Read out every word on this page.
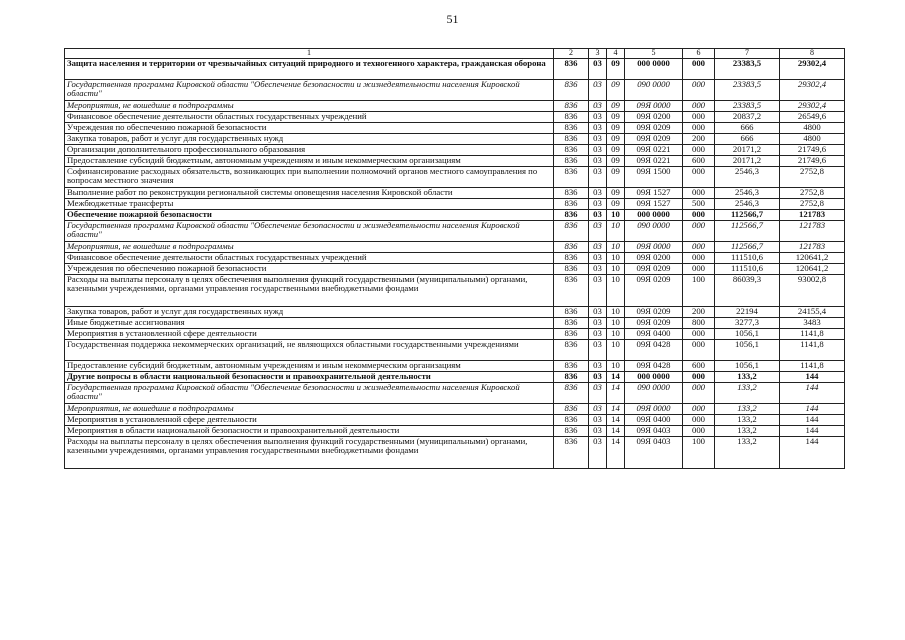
51
1	2	3	4	5	6	7	8
Защита населения и территории от чрезвычайных ситуаций природного и техногенного характера, гражданская оборона	836	03	09	000 0000	000	23383,5	29302,4
Государственная программа Кировской области "Обеспечение безопасности и жизнедеятельности населения Кировской области"	836	03	09	090 0000	000	23383,5	29302,4
Мероприятия, не вошедшие в подпрограммы	836	03	09	09Я 0000	000	23383,5	29302,4
Финансовое обеспечение деятельности областных государственных учреждений	836	03	09	09Я 0200	000	20837,2	26549,6
Учреждения по обеспечению пожарной безопасности	836	03	09	09Я 0209	000	666	4800
Закупка товаров, работ и услуг для государственных нужд	836	03	09	09Я 0209	200	666	4800
Организации дополнительного профессионального образования	836	03	09	09Я 0221	000	20171,2	21749,6
Предоставление субсидий бюджетным, автономным учреждениям и иным некоммерческим организациям	836	03	09	09Я 0221	600	20171,2	21749,6
Софинансирование расходных обязательств, возникающих при выполнении полномочий органов местного самоуправления по вопросам местного значения	836	03	09	09Я 1500	000	2546,3	2752,8
Выполнение работ по реконструкции региональной системы оповещения населения Кировской области	836	03	09	09Я 1527	000	2546,3	2752,8
Межбюджетные трансферты	836	03	09	09Я 1527	500	2546,3	2752,8
Обеспечение пожарной безопасности	836	03	10	000 0000	000	112566,7	121783
Государственная программа Кировской области "Обеспечение безопасности и жизнедеятельности населения Кировской области"	836	03	10	090 0000	000	112566,7	121783
Мероприятия, не вошедшие в подпрограммы	836	03	10	09Я 0000	000	112566,7	121783
Финансовое обеспечение деятельности областных государственных учреждений	836	03	10	09Я 0200	000	111510,6	120641,2
Учреждения по обеспечению пожарной безопасности	836	03	10	09Я 0209	000	111510,6	120641,2
Расходы на выплаты персоналу в целях обеспечения выполнения функций государственными (муниципальными) органами, казенными учреждениями, органами управления государственными внебюджетными фондами	836	03	10	09Я 0209	100	86039,3	93002,8
Закупка товаров, работ и услуг для государственных нужд	836	03	10	09Я 0209	200	22194	24155,4
Иные бюджетные ассигнования	836	03	10	09Я 0209	800	3277,3	3483
Мероприятия в установленной сфере деятельности	836	03	10	09Я 0400	000	1056,1	1141,8
Государственная поддержка некоммерческих организаций, не являющихся областными государственными учреждениями	836	03	10	09Я 0428	000	1056,1	1141,8
Предоставление субсидий бюджетным, автономным учреждениям и иным некоммерческим организациям	836	03	10	09Я 0428	600	1056,1	1141,8
Другие вопросы в области национальной безопасности и правоохранительной деятельности	836	03	14	000 0000	000	133,2	144
Государственная программа Кировской области "Обеспечение безопасности и жизнедеятельности населения Кировской области"	836	03	14	090 0000	000	133,2	144
Мероприятия, не вошедшие в подпрограммы	836	03	14	09Я 0000	000	133,2	144
Мероприятия в установленной сфере деятельности	836	03	14	09Я 0400	000	133,2	144
Мероприятия в области национальной безопасности и правоохранительной деятельности	836	03	14	09Я 0403	000	133,2	144
Расходы на выплаты персоналу в целях обеспечения выполнения функций государственными (муниципальными) органами, казенными учреждениями, органами управления государственными внебюджетными фондами	836	03	14	09Я 0403	100	133,2	144
